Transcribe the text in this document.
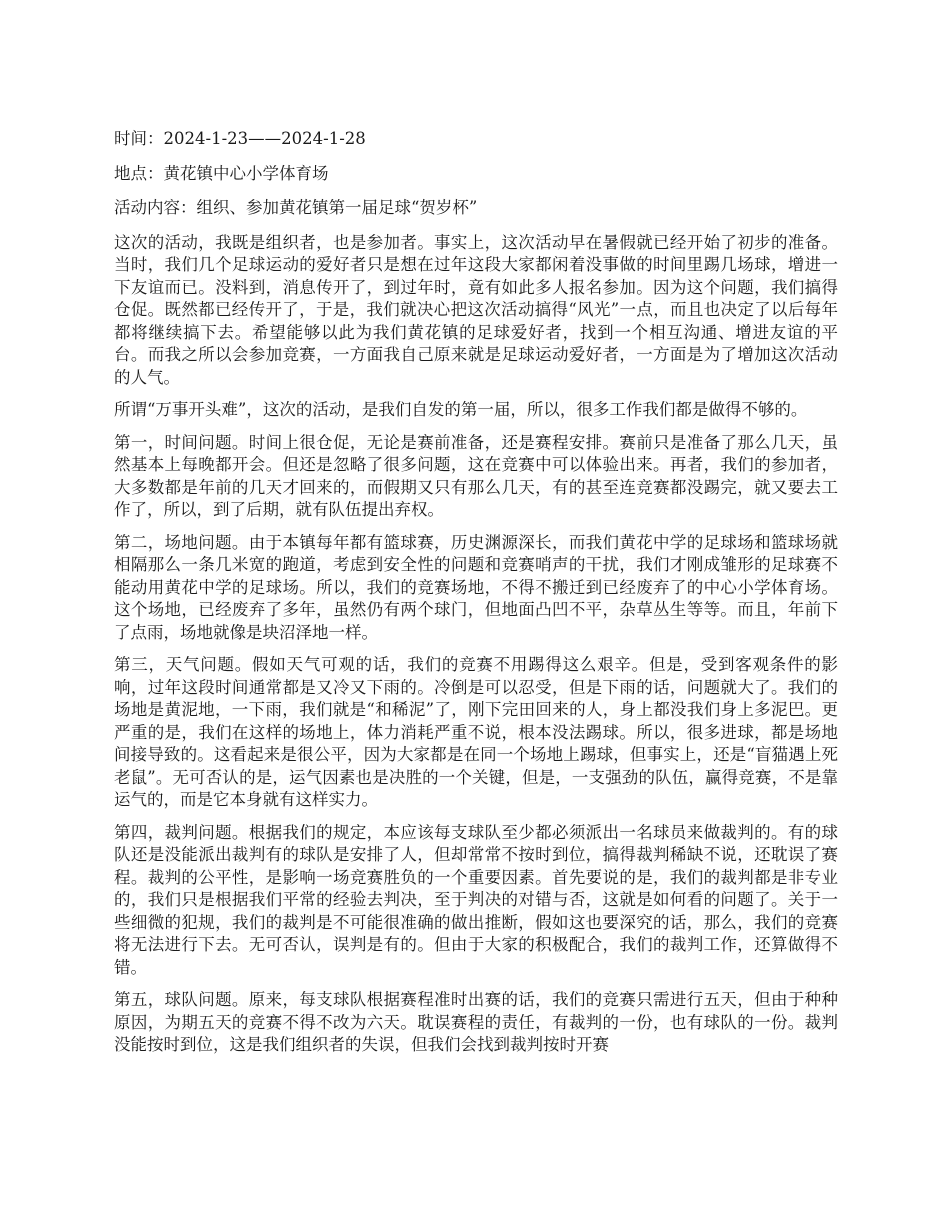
时间：2024-1-23——2024-1-28

地点：黄花镇中心小学体育场

活动内容：组织、参加黄花镇第一届足球“贺岁杯”

这次的活动，我既是组织者，也是参加者。事实上，这次活动早在暑假就已经开始了初步的准备。当时，我们几个足球运动的爱好者只是想在过年这段大家都闲着没事做的时间里踢几场球，增进一下友谊而已。没料到，消息传开了，到过年时，竟有如此多人报名参加。因为这个问题，我们搞得仓促。既然都已经传开了，于是，我们就决心把这次活动搞得“风光”一点，而且也决定了以后每年都将继续搞下去。希望能够以此为我们黄花镇的足球爱好者，找到一个相互沟通、增进友谊的平台。而我之所以会参加竞赛，一方面我自己原来就是足球运动爱好者，一方面是为了增加这次活动的人气。

所谓“万事开头难”，这次的活动，是我们自发的第一届，所以，很多工作我们都是做得不够的。

第一，时间问题。时间上很仓促，无论是赛前准备，还是赛程安排。赛前只是准备了那么几天，虽然基本上每晚都开会。但还是忽略了很多问题，这在竞赛中可以体验出来。再者，我们的参加者，大多数都是年前的几天才回来的，而假期又只有那么几天，有的甚至连竞赛都没踢完，就又要去工作了，所以，到了后期，就有队伍提出弃权。

第二，场地问题。由于本镇每年都有篮球赛，历史渊源深长，而我们黄花中学的足球场和篮球场就相隔那么一条几米宽的跑道，考虑到安全性的问题和竞赛哨声的干扰，我们才刚成雏形的足球赛不能动用黄花中学的足球场。所以，我们的竞赛场地，不得不搬迁到已经废弃了的中心小学体育场。这个场地，已经废弃了多年，虽然仍有两个球门，但地面凸凹不平，杂草丛生等等。而且，年前下了点雨，场地就像是块沼泽地一样。

第三，天气问题。假如天气可观的话，我们的竞赛不用踢得这么艰辛。但是，受到客观条件的影响，过年这段时间通常都是又冷又下雨的。冷倒是可以忍受，但是下雨的话，问题就大了。我们的场地是黄泥地，一下雨，我们就是“和稀泥”了，刚下完田回来的人，身上都没我们身上多泥巴。更严重的是，我们在这样的场地上，体力消耗严重不说，根本没法踢球。所以，很多进球，都是场地间接导致的。这看起来是很公平，因为大家都是在同一个场地上踢球，但事实上，还是“盲猫遇上死老鼠”。无可否认的是，运气因素也是决胜的一个关键，但是，一支强劲的队伍，赢得竞赛，不是靠运气的，而是它本身就有这样实力。

第四，裁判问题。根据我们的规定，本应该每支球队至少都必须派出一名球员来做裁判的。有的球队还是没能派出裁判有的球队是安排了人，但却常常不按时到位，搞得裁判稀缺不说，还耽误了赛程。裁判的公平性，是影响一场竞赛胜负的一个重要因素。首先要说的是，我们的裁判都是非专业的，我们只是根据我们平常的经验去判决，至于判决的对错与否，这就是如何看的问题了。关于一些细微的犯规，我们的裁判是不可能很准确的做出推断，假如这也要深究的话，那么，我们的竞赛将无法进行下去。无可否认，误判是有的。但由于大家的积极配合，我们的裁判工作，还算做得不错。

第五，球队问题。原来，每支球队根据赛程准时出赛的话，我们的竞赛只需进行五天，但由于种种原因，为期五天的竞赛不得不改为六天。耽误赛程的责任，有裁判的一份，也有球队的一份。裁判没能按时到位，这是我们组织者的失误，但我们会找到裁判按时开赛
